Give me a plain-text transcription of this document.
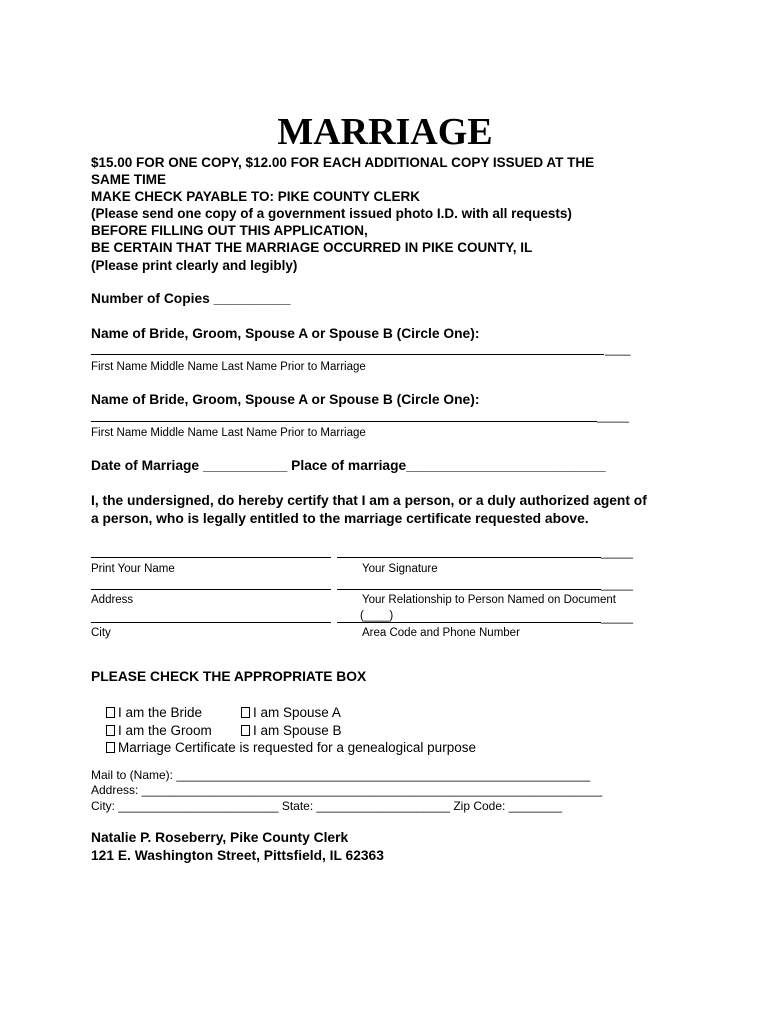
MARRIAGE
$15.00 FOR ONE COPY, $12.00 FOR EACH ADDITIONAL COPY ISSUED AT THE
SAME TIME
MAKE CHECK PAYABLE TO: PIKE COUNTY CLERK
(Please send one copy of a government issued photo I.D. with all requests)
BEFORE FILLING OUT THIS APPLICATION,
BE CERTAIN THAT THE MARRIAGE OCCURRED IN PIKE COUNTY, IL
(Please print clearly and legibly)
Number of Copies __________
Name of Bride, Groom, Spouse A or Spouse B (Circle One):
____
First Name Middle Name Last Name Prior to Marriage
Name of Bride, Groom, Spouse A or Spouse B (Circle One):
_____
First Name Middle Name Last Name Prior to Marriage
Date of Marriage ___________ Place of marriage__________________________
I, the undersigned, do hereby certify that I am a person, or a duly authorized agent of
a person, who is legally entitled to the marriage certificate requested above.
_____
Print Your Name	Your Signature
_____
Address	Your Relationship to Person Named on Document
(____)	_____
City	Area Code and Phone Number
PLEASE CHECK THE APPROPRIATE BOX

I am the Bride
	I am Spouse A

I am the Groom
	I am Spouse B

Marriage Certificate is requested for a genealogical purpose

Mail to (Name): ______________________________________________________________
Address: _____________________________________________________________________
City: ________________________ State: ____________________ Zip Code: ________
Natalie P. Roseberry, Pike County Clerk
121 E. Washington Street, Pittsfield, IL 62363
